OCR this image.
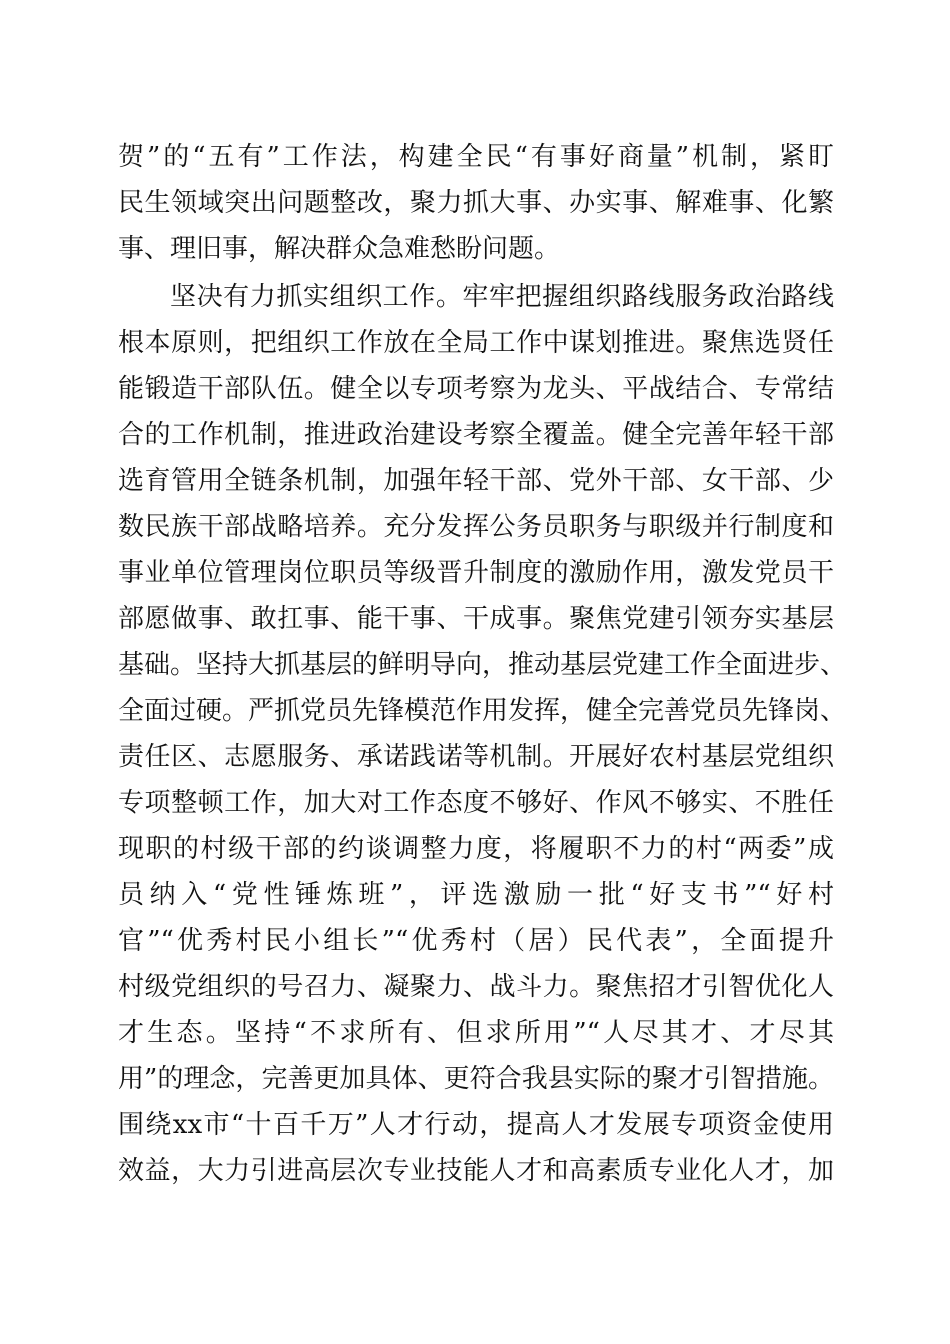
贺”的“五有”工作法，构建全民“有事好商量”机制，紧盯
民生领域突出问题整改，聚力抓大事、办实事、解难事、化繁
事、理旧事，解决群众急难愁盼问题。
坚决有力抓实组织工作。牢牢把握组织路线服务政治路线
根本原则，把组织工作放在全局工作中谋划推进。聚焦选贤任
能锻造干部队伍。健全以专项考察为龙头、平战结合、专常结
合的工作机制，推进政治建设考察全覆盖。健全完善年轻干部
选育管用全链条机制，加强年轻干部、党外干部、女干部、少
数民族干部战略培养。充分发挥公务员职务与职级并行制度和
事业单位管理岗位职员等级晋升制度的激励作用，激发党员干
部愿做事、敢扛事、能干事、干成事。聚焦党建引领夯实基层
基础。坚持大抓基层的鲜明导向，推动基层党建工作全面进步、
全面过硬。严抓党员先锋模范作用发挥，健全完善党员先锋岗、
责任区、志愿服务、承诺践诺等机制。开展好农村基层党组织
专项整顿工作，加大对工作态度不够好、作风不够实、不胜任
现职的村级干部的约谈调整力度，将履职不力的村“两委”成
员纳入“党性锤炼班”，评选激励一批“好支书”“好村
官”“优秀村民小组长”“优秀村（居）民代表”，全面提升
村级党组织的号召力、凝聚力、战斗力。聚焦招才引智优化人
才生态。坚持“不求所有、但求所用”“人尽其才、才尽其
用”的理念，完善更加具体、更符合我县实际的聚才引智措施。
围绕xx市“十百千万”人才行动，提高人才发展专项资金使用
效益，大力引进高层次专业技能人才和高素质专业化人才，加
